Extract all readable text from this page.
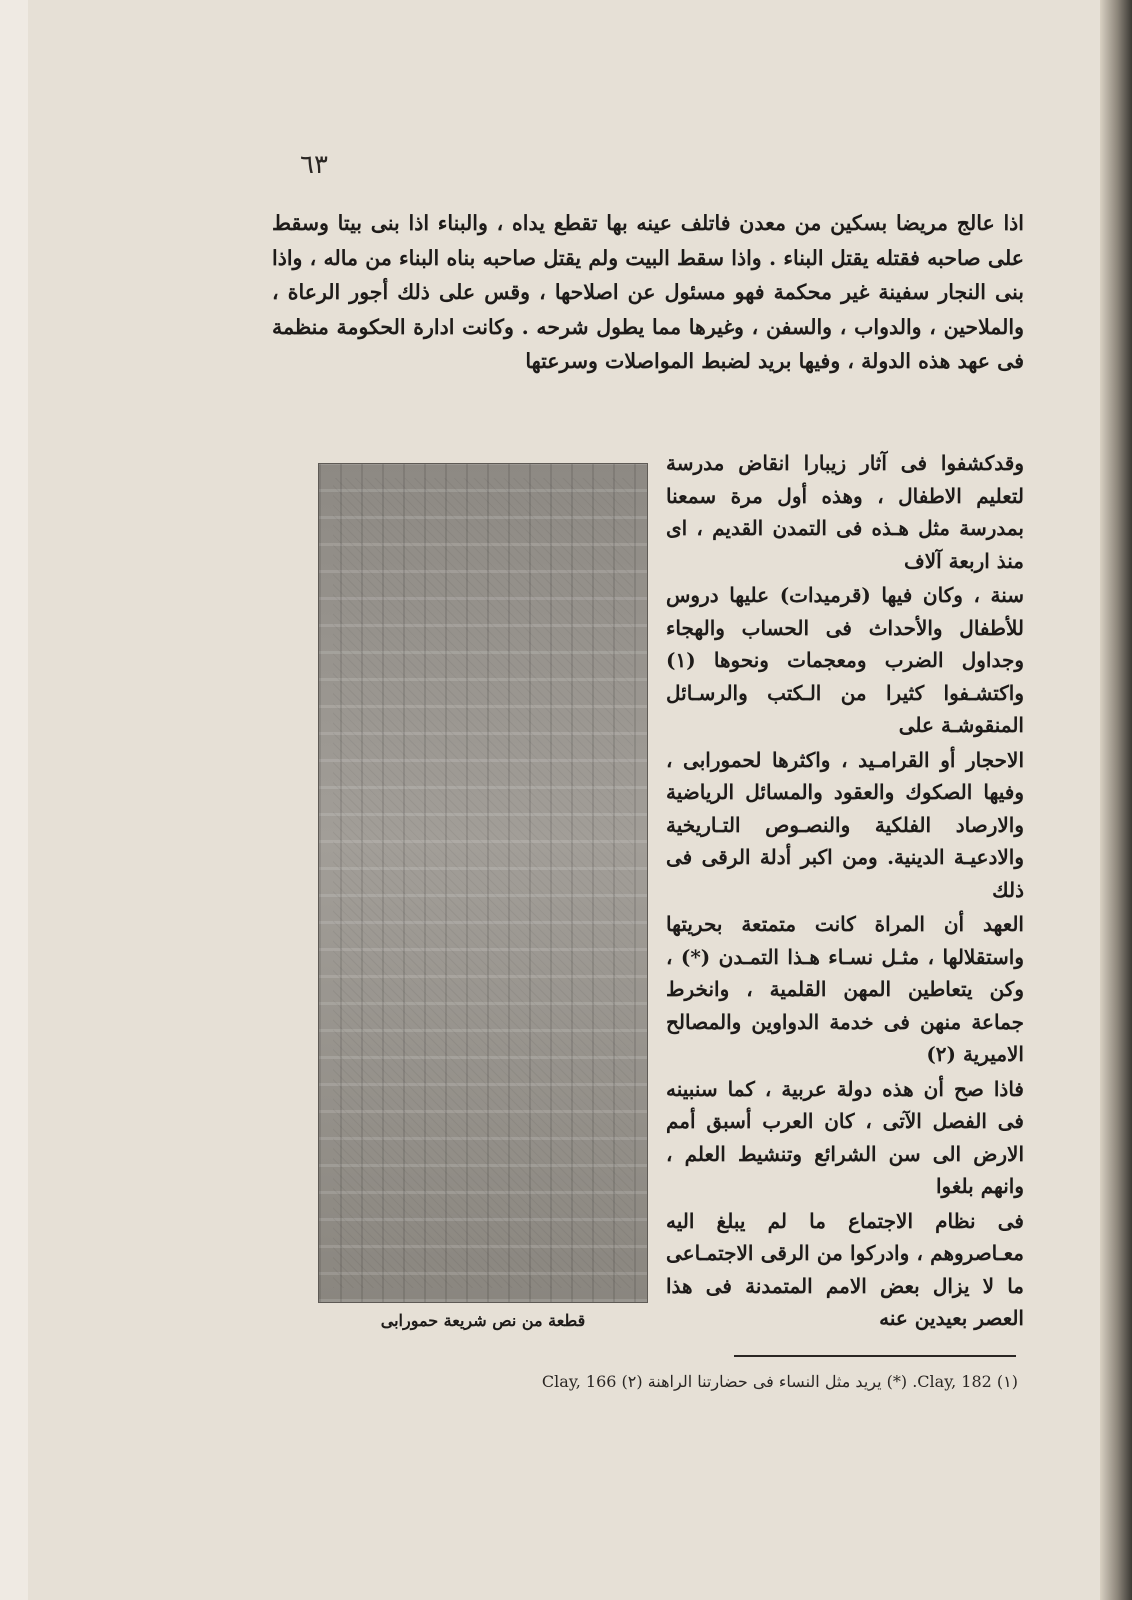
٦٣

اذا عالج مريضا بسكين من معدن فاتلف عينه بها تقطع يداه ، والبناء اذا بنى بيتا وسقط على صاحبه فقتله يقتل البناء . واذا سقط البيت ولم يقتل صاحبه بناه البناء من ماله ، واذا بنى النجار سفينة غير محكمة فهو مسئول عن اصلاحها ، وقس على ذلك أجور الرعاة ، والملاحين ، والدواب ، والسفن ، وغيرها مما يطول شرحه . وكانت ادارة الحكومة منظمة فى عهد هذه الدولة ، وفيها بريد لضبط المواصلات وسرعتها

قطعة من نص شريعة حمورابى

وقدكشفوا فى آثار زيبارا انقاض مدرسة لتعليم الاطفال ، وهذه أول مرة سمعنا بمدرسة مثل هـذه فى التمدن القديم ، اى منذ اربعة آلاف

سنة ، وكان فيها (قرميدات) عليها دروس للأطفال والأحداث فى الحساب والهجاء وجداول الضرب ومعجمات ونحوها (١) واكتشـفوا كثيرا من الـكتب والرسـائل المنقوشـة على

الاحجار أو القرامـيد ، واكثرها لحمورابى ، وفيها الصكوك والعقود والمسائل الرياضية والارصاد الفلكية والنصـوص التـاريخية والادعيـة الدينية. ومن اكبر أدلة الرقى فى ذلك

العهد أن المراة كانت متمتعة بحريتها واستقلالها ، مثـل نسـاء هـذا التمـدن (*) ، وكن يتعاطين المهن القلمية ، وانخرط جماعة منهن فى خدمة الدواوين والمصالح الاميرية (٢)

فاذا صح أن هذه دولة عربية ، كما سنبينه فى الفصل الآتى ، كان العرب أسبق أمم الارض الى سن الشرائع وتنشيط العلم ، وانهم بلغوا

فى نظام الاجتماع ما لم يبلغ اليه معـاصروهم ، وادركوا من الرقى الاجتمـاعى ما لا يزال بعض الامم المتمدنة فى هذا العصر بعيدين عنه

(١) Clay, 182. (*) يريد مثل النساء فى حضارتنا الراهنة (٢) Clay, 166
